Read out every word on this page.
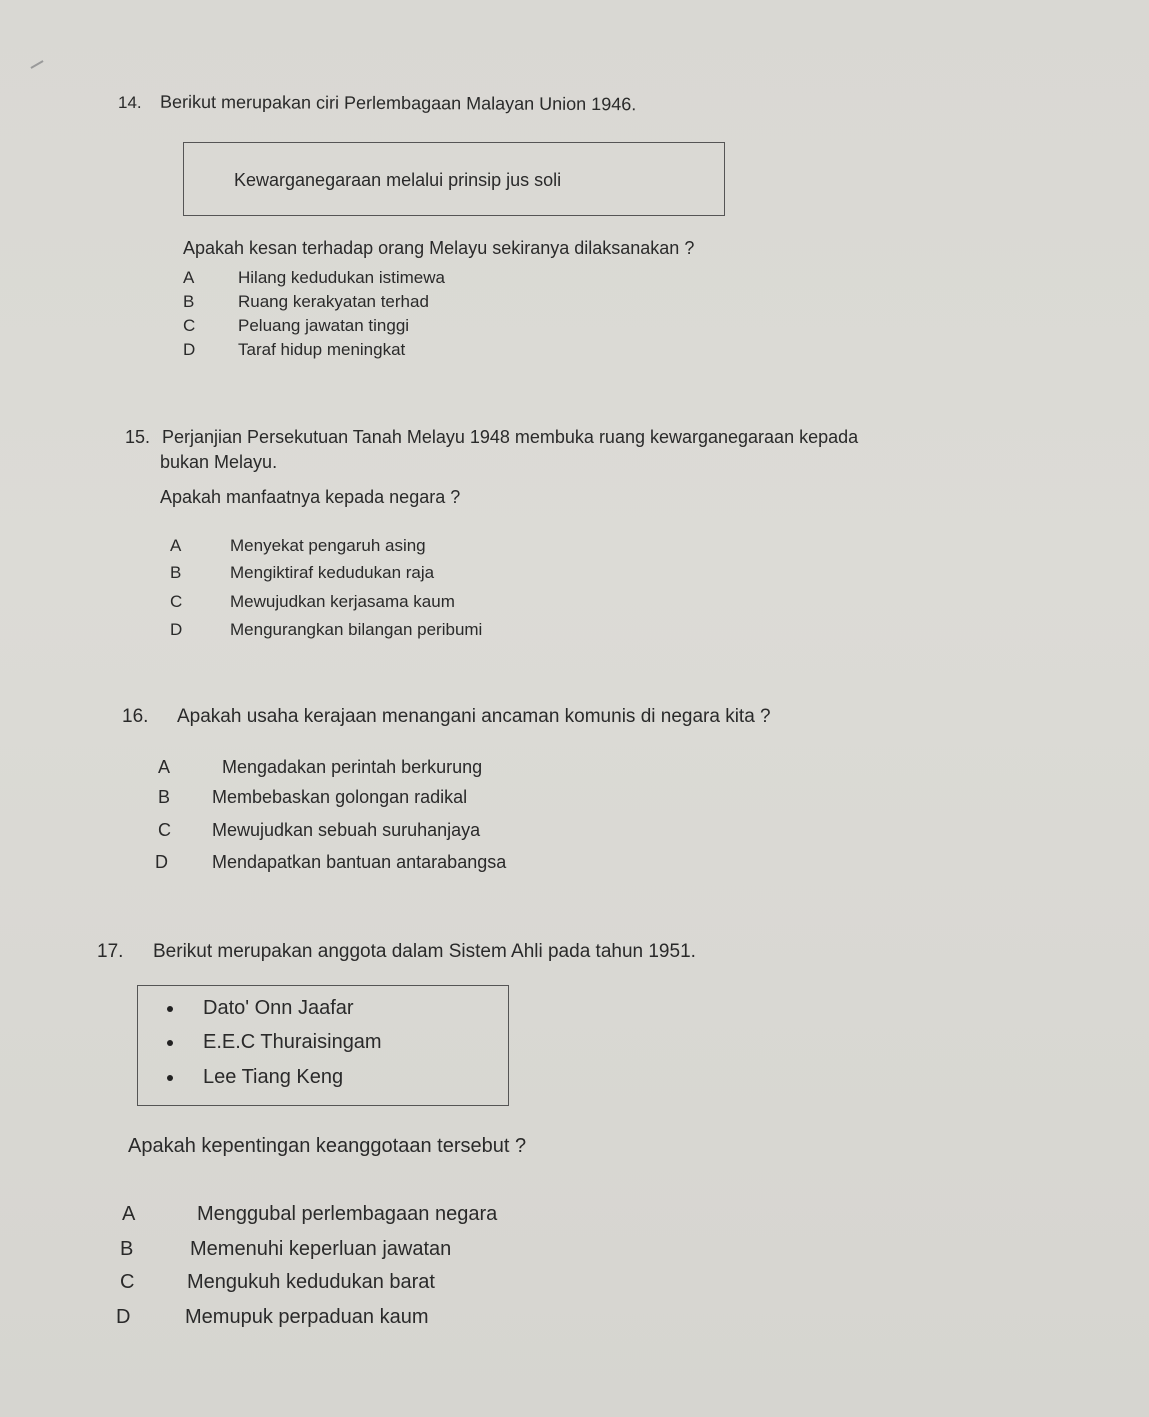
14. Berikut merupakan ciri Perlembagaan Malayan Union 1946.
Kewarganegaraan melalui prinsip jus soli
Apakah kesan terhadap orang Melayu sekiranya dilaksanakan ?
A	Hilang kedudukan istimewa
B	Ruang kerakyatan terhad
C	Peluang jawatan tinggi
D	Taraf hidup meningkat
15. Perjanjian Persekutuan Tanah Melayu 1948 membuka ruang kewarganegaraan kepada
bukan Melayu.
Apakah manfaatnya kepada negara ?
A	Menyekat pengaruh asing
B	Mengiktiraf kedudukan raja
C	Mewujudkan kerjasama kaum
D	Mengurangkan bilangan peribumi
16. Apakah usaha kerajaan menangani ancaman komunis di negara kita ?
A	Mengadakan perintah berkurung
B Membebaskan golongan radikal
C Mewujudkan sebuah suruhanjaya
D Mendapatkan bantuan antarabangsa
17. Berikut merupakan anggota dalam Sistem Ahli pada tahun 1951.
Dato' Onn Jaafar
E.E.C Thuraisingam
Lee Tiang Keng
Apakah kepentingan keanggotaan tersebut ?
A	Menggubal perlembagaan negara
B	Memenuhi keperluan jawatan
C	Mengukuh kedudukan barat
D	Memupuk perpaduan kaum
